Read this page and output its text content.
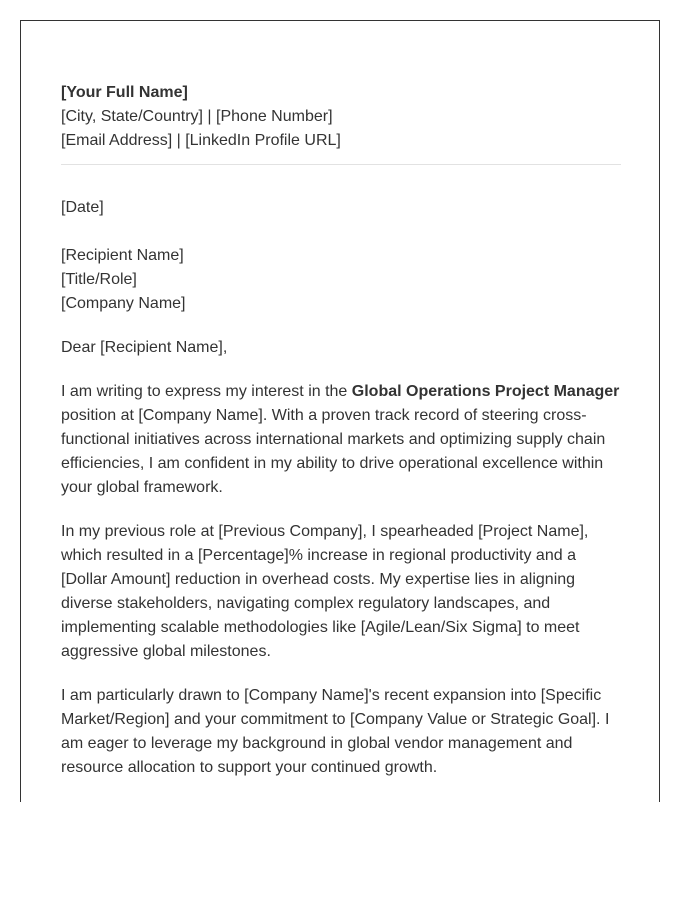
[Your Full Name]
[City, State/Country] | [Phone Number]
[Email Address] | [LinkedIn Profile URL]
[Date]
[Recipient Name]
[Title/Role]
[Company Name]
Dear [Recipient Name],

I am writing to express my interest in the Global Operations Project Manager position at [Company Name]. With a proven track record of steering cross-functional initiatives across international markets and optimizing supply chain efficiencies, I am confident in my ability to drive operational excellence within your global framework.

In my previous role at [Previous Company], I spearheaded [Project Name], which resulted in a [Percentage]% increase in regional productivity and a [Dollar Amount] reduction in overhead costs. My expertise lies in aligning diverse stakeholders, navigating complex regulatory landscapes, and implementing scalable methodologies like [Agile/Lean/Six Sigma] to meet aggressive global milestones.

I am particularly drawn to [Company Name]'s recent expansion into [Specific Market/Region] and your commitment to [Company Value or Strategic Goal]. I am eager to leverage my background in global vendor management and resource allocation to support your continued growth.
